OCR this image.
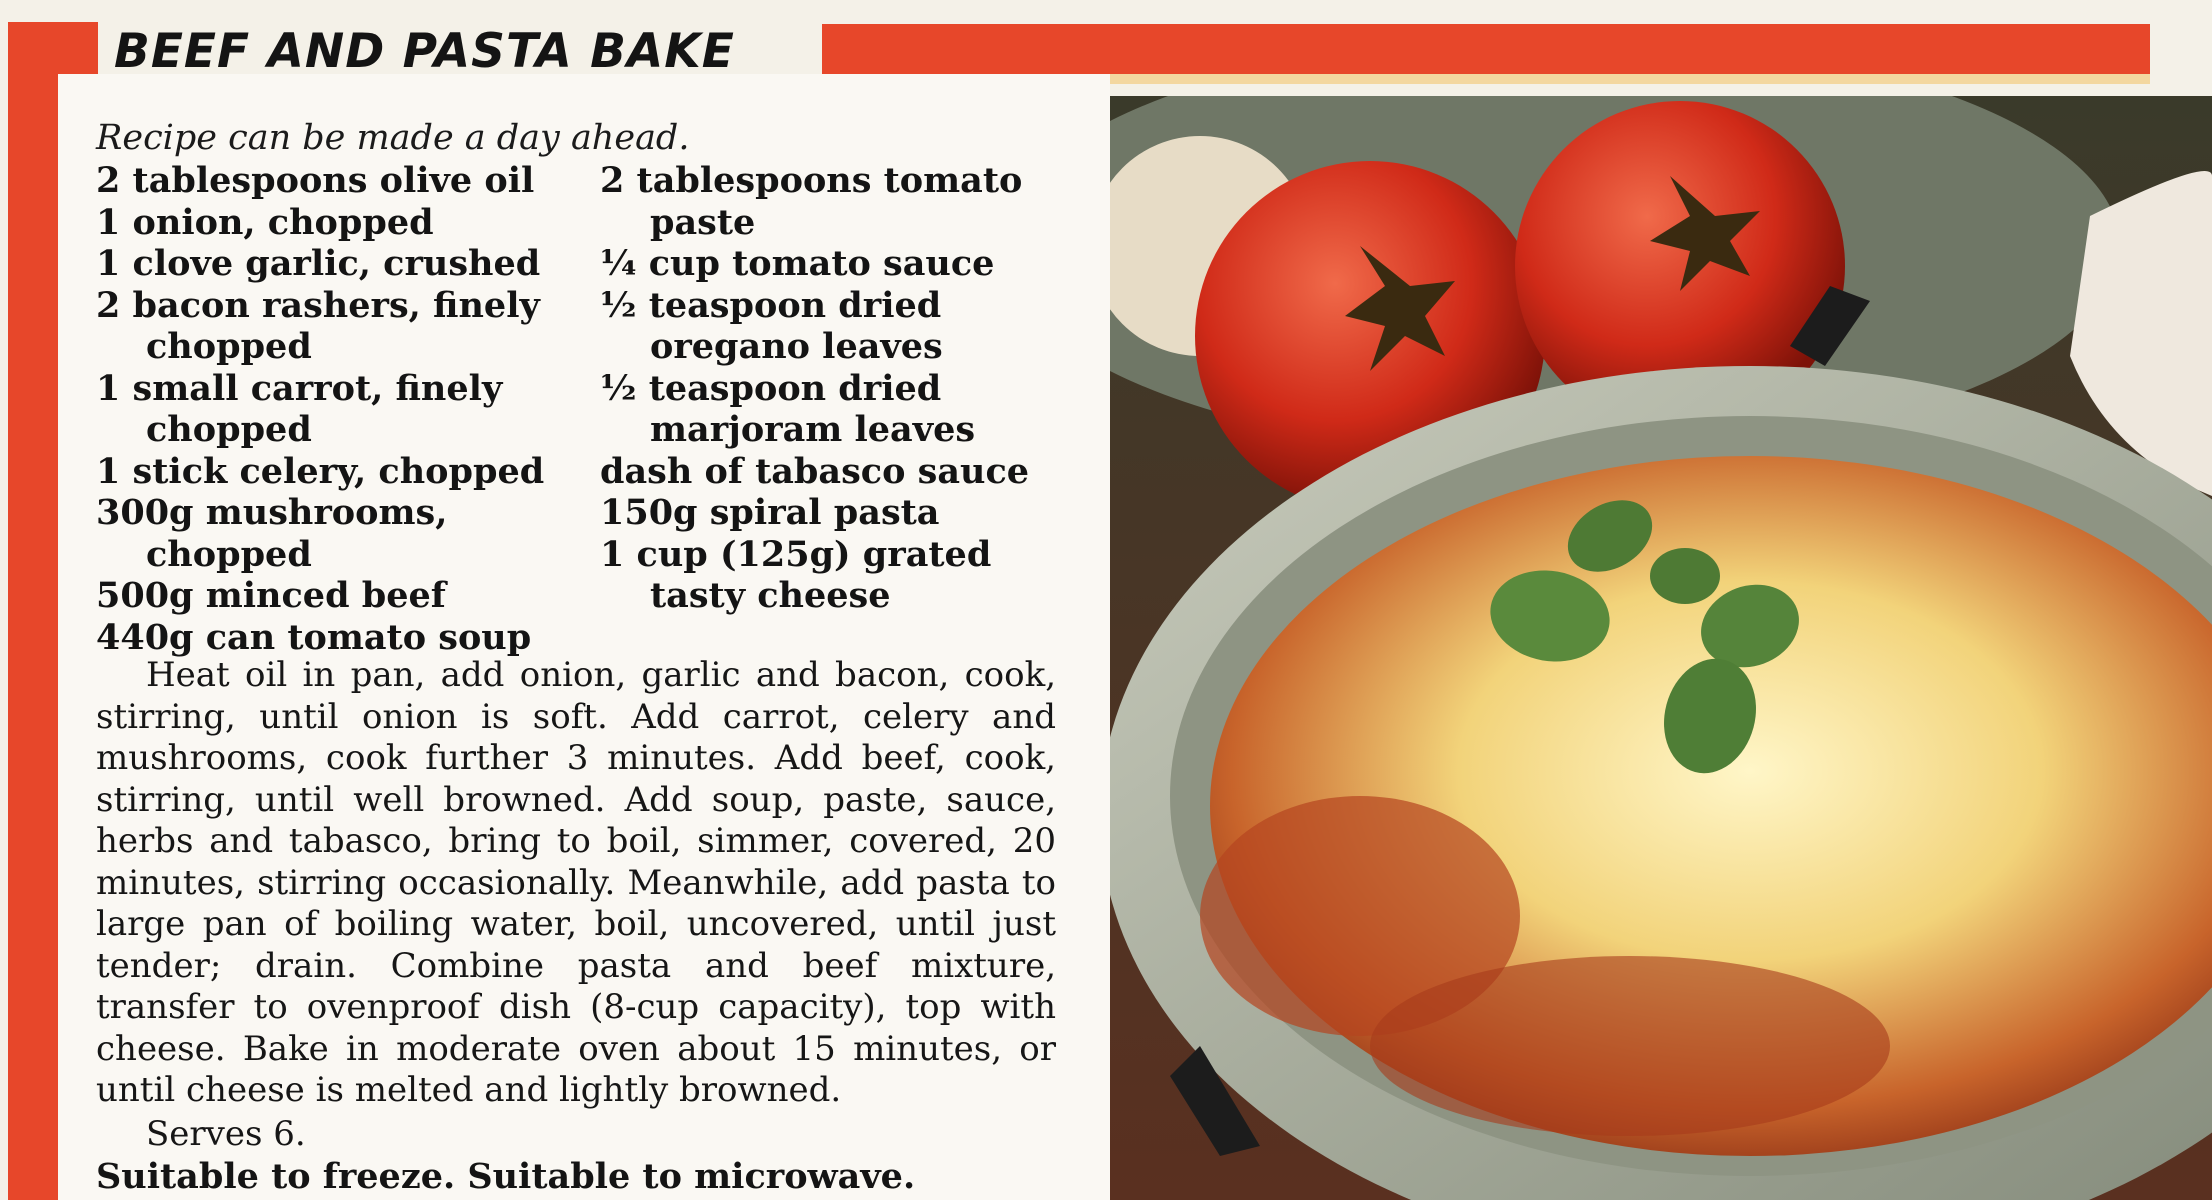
BEEF AND PASTA BAKE
Recipe can be made a day ahead.
2 tablespoons olive oil
1 onion, chopped
1 clove garlic, crushed
2 bacon rashers, finely
chopped
1 small carrot, finely
chopped
1 stick celery, chopped
300g mushrooms,
chopped
500g minced beef
440g can tomato soup
2 tablespoons tomato
paste
¼ cup tomato sauce
½ teaspoon dried
oregano leaves
½ teaspoon dried
marjoram leaves
dash of tabasco sauce
150g spiral pasta
1 cup (125g) grated
tasty cheese
Heat oil in pan, add onion, garlic and bacon, cook, stirring, until onion is soft. Add carrot, celery and mushrooms, cook further 3 minutes. Add beef, cook, stirring, until well browned. Add soup, paste, sauce, herbs and tabasco, bring to boil, simmer, covered, 20 minutes, stirring occasionally. Meanwhile, add pasta to large pan of boiling water, boil, uncovered, until just tender; drain. Combine pasta and beef mixture, transfer to ovenproof dish (8-cup capacity), top with cheese. Bake in moderate oven about 15 minutes, or until cheese is melted and lightly browned.
Serves 6.
Suitable to freeze. Suitable to microwave.
